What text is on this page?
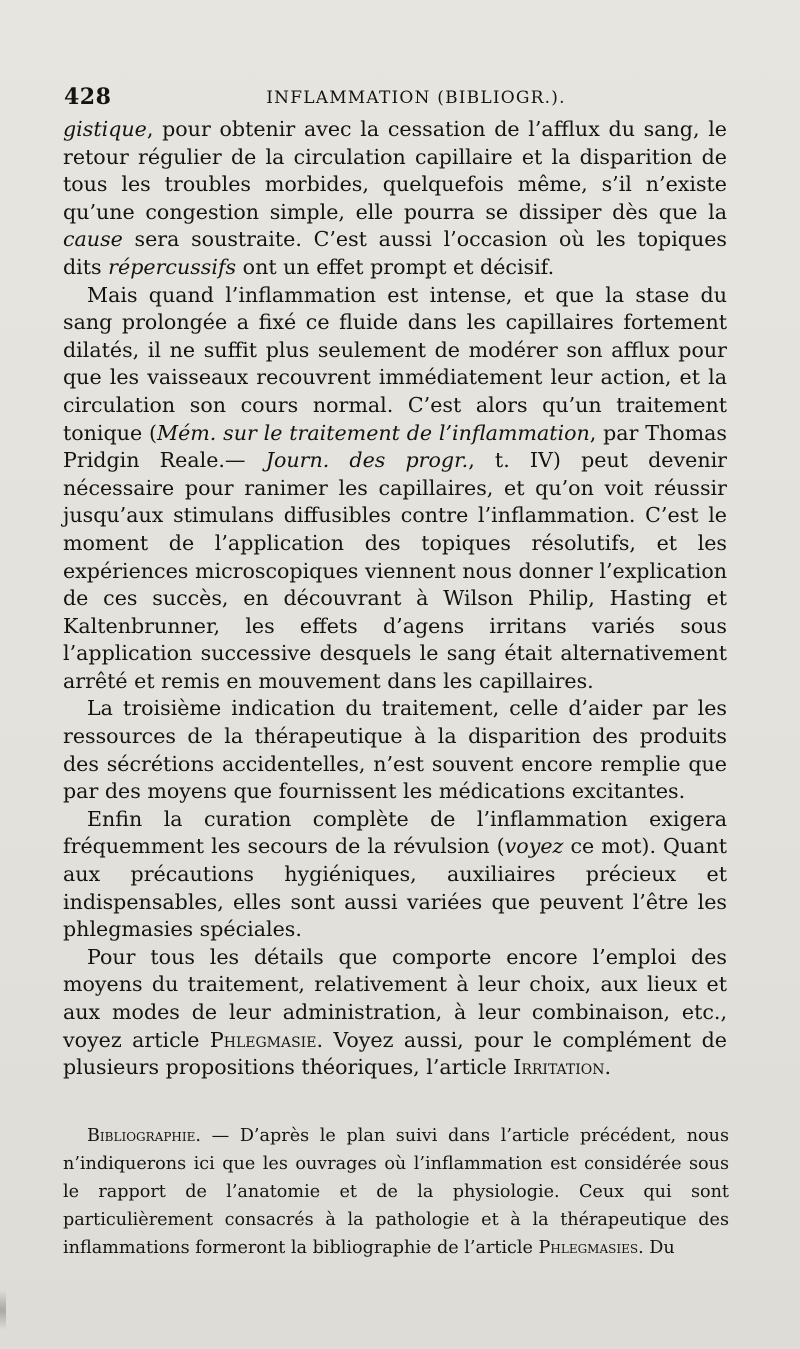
428	INFLAMMATION (BIBLIOGR.).

gistique, pour obtenir avec la cessation de l’afflux du sang, le retour régulier de la circulation capillaire et la disparition de tous les troubles morbides, quelquefois même, s’il n’existe qu’une congestion simple, elle pourra se dissiper dès que la cause sera soustraite. C’est aussi l’occasion où les topiques dits répercussifs ont un effet prompt et décisif.

Mais quand l’inflammation est intense, et que la stase du sang prolongée a fixé ce fluide dans les capillaires fortement dilatés, il ne suffit plus seulement de modérer son afflux pour que les vaisseaux recouvrent immédiatement leur action, et la circulation son cours normal. C’est alors qu’un traitement tonique (Mém. sur le traitement de l’inflammation, par Thomas Pridgin Reale.— Journ. des progr., t. IV) peut devenir nécessaire pour ranimer les capillaires, et qu’on voit réussir jusqu’aux stimulans diffusibles contre l’inflammation. C’est le moment de l’application des topiques résolutifs, et les expériences microscopiques viennent nous donner l’explication de ces succès, en découvrant à Wilson Philip, Hasting et Kaltenbrunner, les effets d’agens irritans variés sous l’application successive desquels le sang était alternativement arrêté et remis en mouvement dans les capillaires.

La troisième indication du traitement, celle d’aider par les ressources de la thérapeutique à la disparition des produits des sécrétions accidentelles, n’est souvent encore remplie que par des moyens que fournissent les médications excitantes.

Enfin la curation complète de l’inflammation exigera fréquemment les secours de la révulsion (voyez ce mot). Quant aux précautions hygiéniques, auxiliaires précieux et indispensables, elles sont aussi variées que peuvent l’être les phlegmasies spéciales.

Pour tous les détails que comporte encore l’emploi des moyens du traitement, relativement à leur choix, aux lieux et aux modes de leur administration, à leur combinaison, etc., voyez article Phlegmasie. Voyez aussi, pour le complément de plusieurs propositions théoriques, l’article Irritation.

Bibliographie. — D’après le plan suivi dans l’article précédent, nous n’indiquerons ici que les ouvrages où l’inflammation est considérée sous le rapport de l’anatomie et de la physiologie. Ceux qui sont particulièrement consacrés à la pathologie et à la thérapeutique des inflammations formeront la bibliographie de l’article Phlegmasies. Du
